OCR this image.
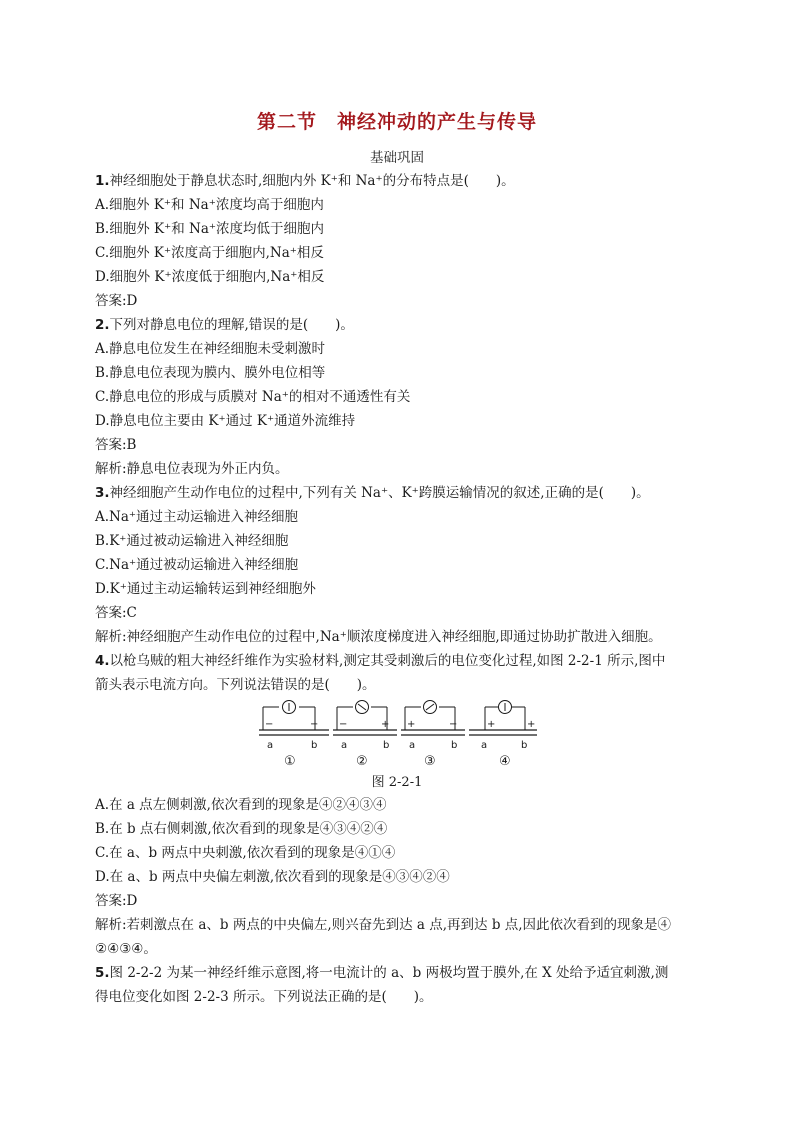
第二节　神经冲动的产生与传导
基础巩固
1.神经细胞处于静息状态时,细胞内外 K⁺和 Na⁺的分布特点是(　　)。
A.细胞外 K⁺和 Na⁺浓度均高于细胞内
B.细胞外 K⁺和 Na⁺浓度均低于细胞内
C.细胞外 K⁺浓度高于细胞内,Na⁺相反
D.细胞外 K⁺浓度低于细胞内,Na⁺相反
答案:D
2.下列对静息电位的理解,错误的是(　　)。
A.静息电位发生在神经细胞未受刺激时
B.静息电位表现为膜内、膜外电位相等
C.静息电位的形成与质膜对 Na⁺的相对不通透性有关
D.静息电位主要由 K⁺通过 K⁺通道外流维持
答案:B
解析:静息电位表现为外正内负。
3.神经细胞产生动作电位的过程中,下列有关 Na⁺、K⁺跨膜运输情况的叙述,正确的是(　　)。
A.Na⁺通过主动运输进入神经细胞
B.K⁺通过被动运输进入神经细胞
C.Na⁺通过被动运输进入神经细胞
D.K⁺通过主动运输转运到神经细胞外
答案:C
解析:神经细胞产生动作电位的过程中,Na⁺顺浓度梯度进入神经细胞,即通过协助扩散进入细胞。
4.以枪乌贼的粗大神经纤维作为实验材料,测定其受刺激后的电位变化过程,如图 2-2-1 所示,图中
箭头表示电流方向。下列说法错误的是(　　)。
−	−
a	b
①
−	+
a	b
②
+	−
a	b
③
+	+
a	b
④
图 2-2-1
A.在 a 点左侧刺激,依次看到的现象是④②④③④
B.在 b 点右侧刺激,依次看到的现象是④③④②④
C.在 a、b 两点中央刺激,依次看到的现象是④①④
D.在 a、b 两点中央偏左刺激,依次看到的现象是④③④②④
答案:D
解析:若刺激点在 a、b 两点的中央偏左,则兴奋先到达 a 点,再到达 b 点,因此依次看到的现象是④
②④③④。
5.图 2-2-2 为某一神经纤维示意图,将一电流计的 a、b 两极均置于膜外,在 X 处给予适宜刺激,测
得电位变化如图 2-2-3 所示。下列说法正确的是(　　)。
